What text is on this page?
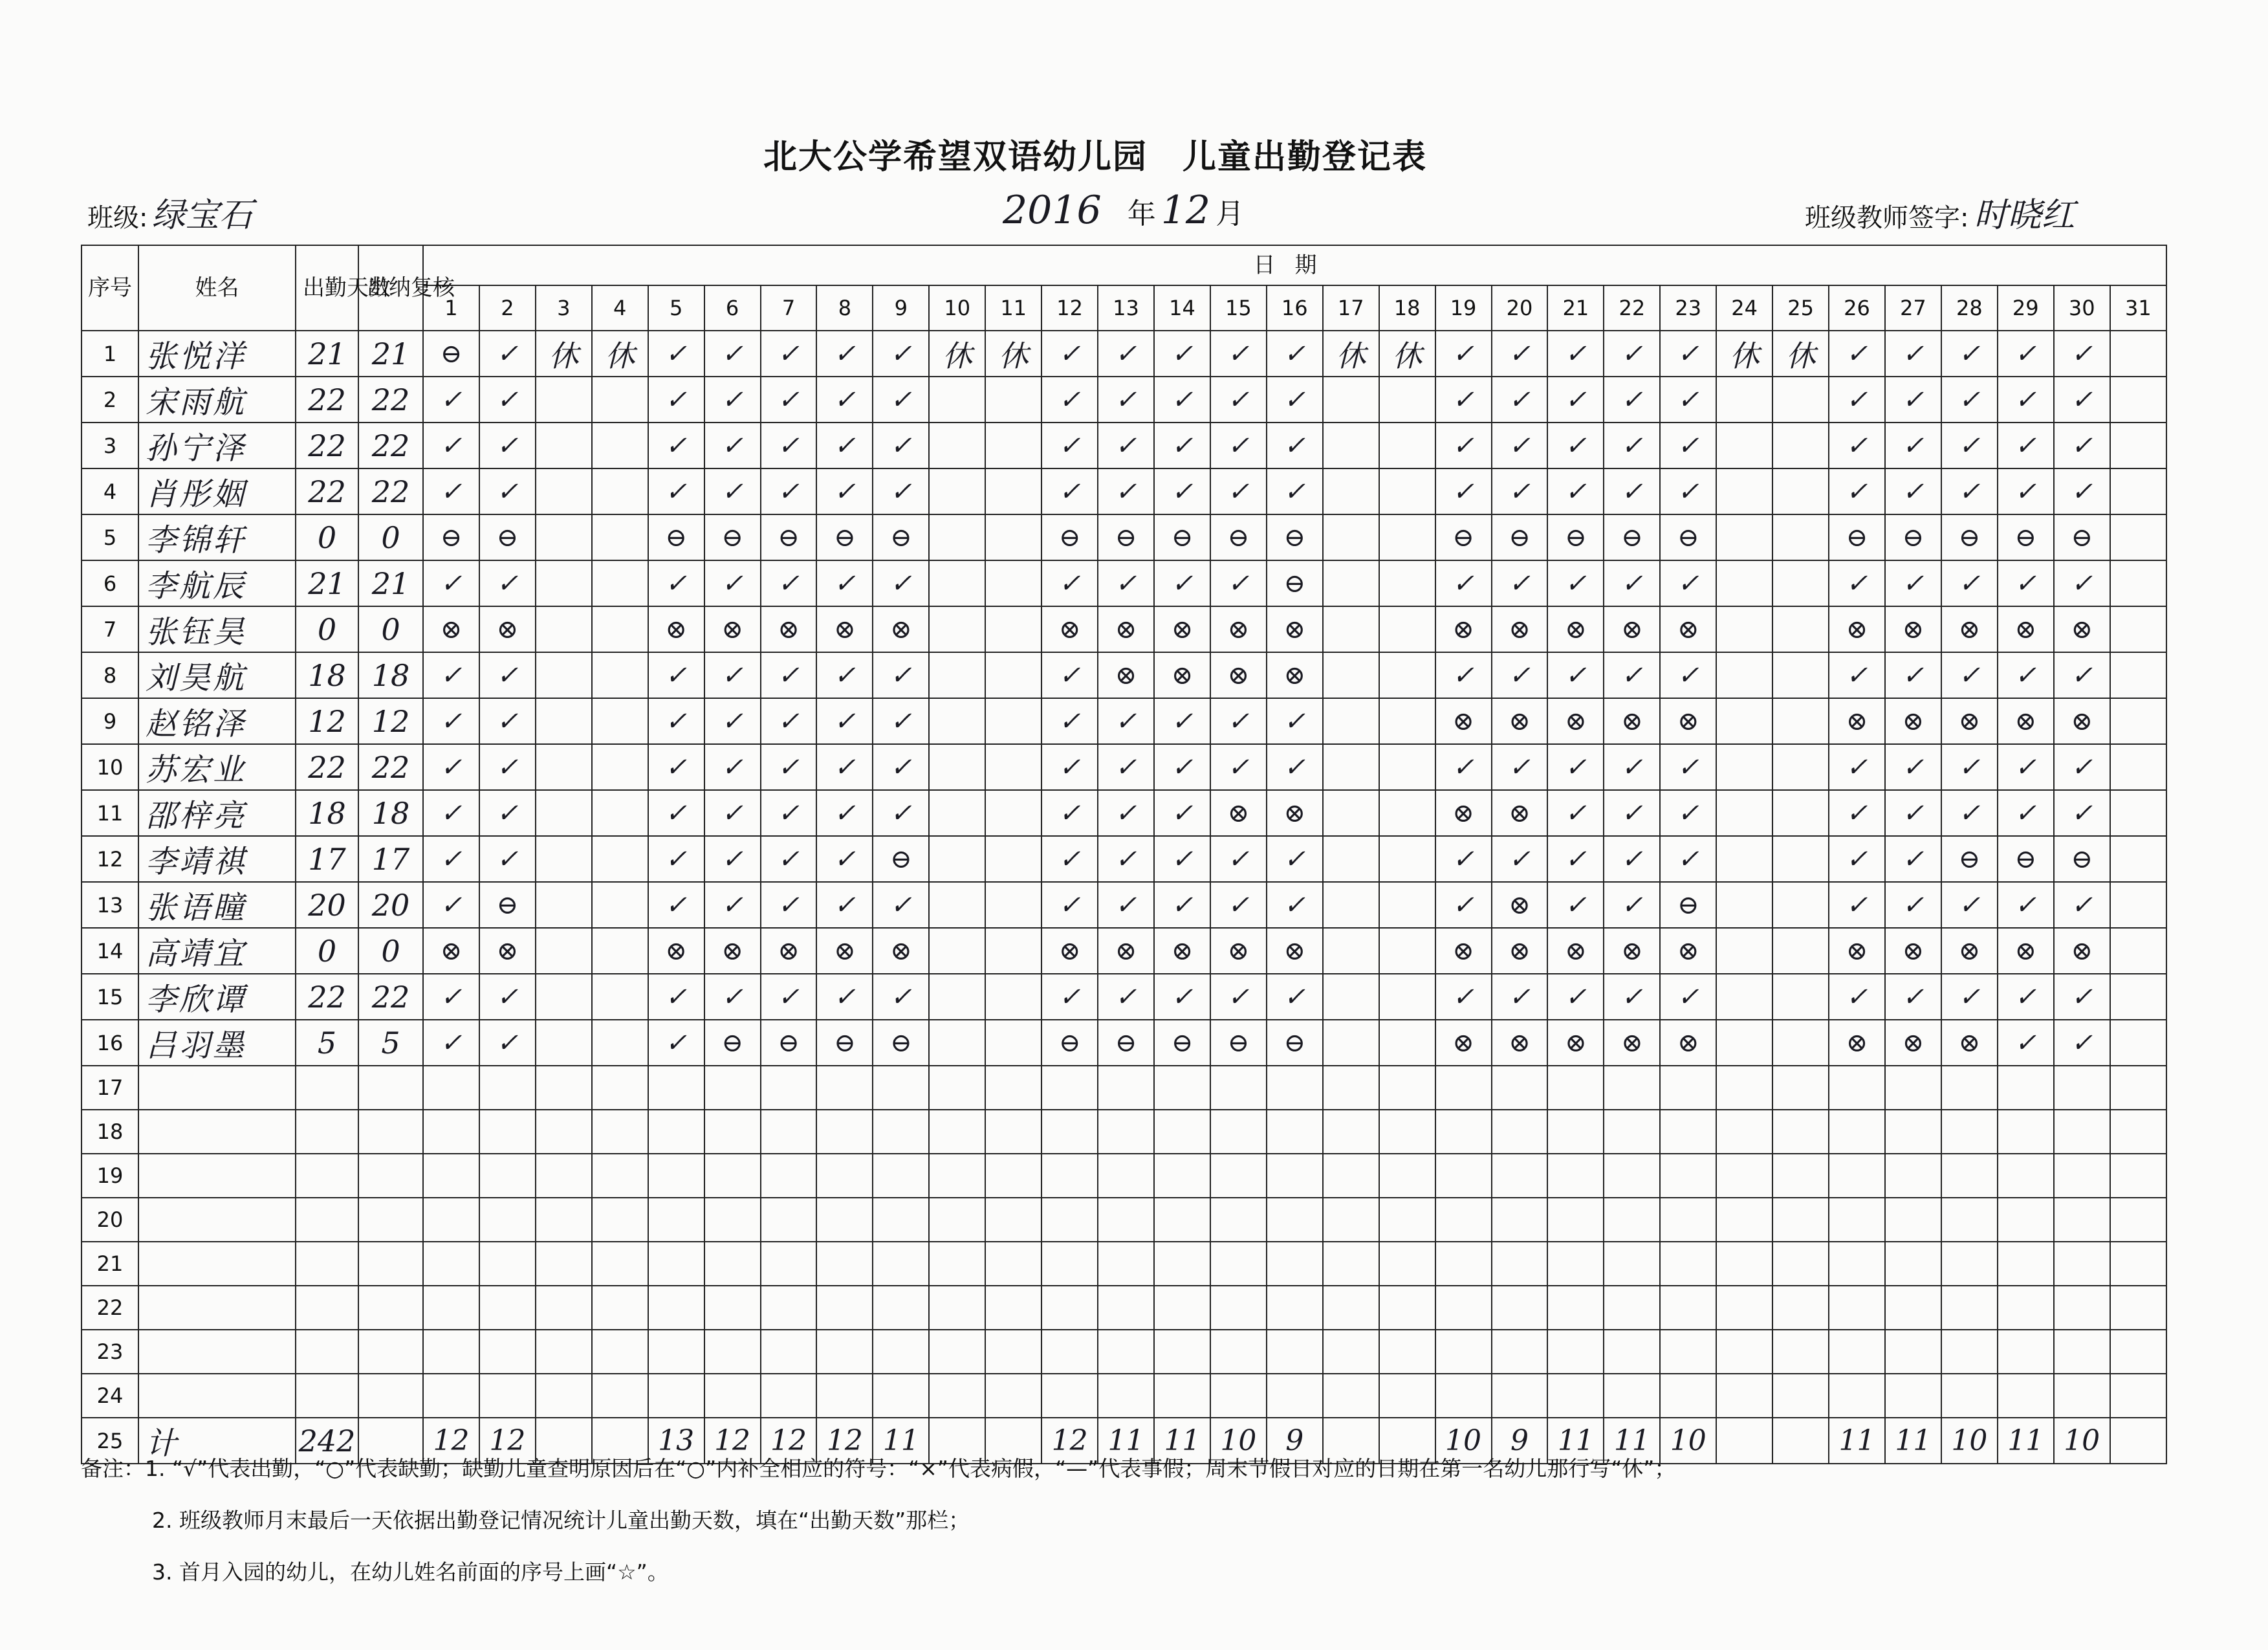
北大公学希望双语幼儿园　儿童出勤登记表
班级: 绿宝石	2016 年 12 月	班级教师签字: 时晓红
序号	姓名	出勤天数	出纳复核	日期																														
				1	2	3	4	5	6	7	8	9	10	11	12	13	14	15	16	17	18	19	20	21	22	23	24	25	26	27	28	29	30	31
1	张悦洋	21	21	⊖	✓	休	休	✓	✓	✓	✓	✓	休	休	✓	✓	✓	✓	✓	休	休	✓	✓	✓	✓	✓	休	休	✓	✓	✓	✓	✓	
2	宋雨航	22	22	✓	✓			✓	✓	✓	✓	✓			✓	✓	✓	✓	✓			✓	✓	✓	✓	✓			✓	✓	✓	✓	✓	
3	孙宁泽	22	22	✓	✓			✓	✓	✓	✓	✓			✓	✓	✓	✓	✓			✓	✓	✓	✓	✓			✓	✓	✓	✓	✓	
4	肖彤姻	22	22	✓	✓			✓	✓	✓	✓	✓			✓	✓	✓	✓	✓			✓	✓	✓	✓	✓			✓	✓	✓	✓	✓	
5	李锦轩	0	0	⊖	⊖			⊖	⊖	⊖	⊖	⊖			⊖	⊖	⊖	⊖	⊖			⊖	⊖	⊖	⊖	⊖			⊖	⊖	⊖	⊖	⊖	
6	李航辰	21	21	✓	✓			✓	✓	✓	✓	✓			✓	✓	✓	✓	⊖			✓	✓	✓	✓	✓			✓	✓	✓	✓	✓	
7	张钰昊	0	0	⊗	⊗			⊗	⊗	⊗	⊗	⊗			⊗	⊗	⊗	⊗	⊗			⊗	⊗	⊗	⊗	⊗			⊗	⊗	⊗	⊗	⊗	
8	刘昊航	18	18	✓	✓			✓	✓	✓	✓	✓			✓	⊗	⊗	⊗	⊗			✓	✓	✓	✓	✓			✓	✓	✓	✓	✓	
9	赵铭泽	12	12	✓	✓			✓	✓	✓	✓	✓			✓	✓	✓	✓	✓			⊗	⊗	⊗	⊗	⊗			⊗	⊗	⊗	⊗	⊗	
10	苏宏业	22	22	✓	✓			✓	✓	✓	✓	✓			✓	✓	✓	✓	✓			✓	✓	✓	✓	✓			✓	✓	✓	✓	✓	
11	邵梓亮	18	18	✓	✓			✓	✓	✓	✓	✓			✓	✓	✓	⊗	⊗			⊗	⊗	✓	✓	✓			✓	✓	✓	✓	✓	
12	李靖祺	17	17	✓	✓			✓	✓	✓	✓	⊖			✓	✓	✓	✓	✓			✓	✓	✓	✓	✓			✓	✓	⊖	⊖	⊖	
13	张语瞳	20	20	✓	⊖			✓	✓	✓	✓	✓			✓	✓	✓	✓	✓			✓	⊗	✓	✓	⊖			✓	✓	✓	✓	✓	
14	高靖宜	0	0	⊗	⊗			⊗	⊗	⊗	⊗	⊗			⊗	⊗	⊗	⊗	⊗			⊗	⊗	⊗	⊗	⊗			⊗	⊗	⊗	⊗	⊗	
15	李欣谭	22	22	✓	✓			✓	✓	✓	✓	✓			✓	✓	✓	✓	✓			✓	✓	✓	✓	✓			✓	✓	✓	✓	✓	
16	吕羽墨	5	5	✓	✓			✓	⊖	⊖	⊖	⊖			⊖	⊖	⊖	⊖	⊖			⊗	⊗	⊗	⊗	⊗			⊗	⊗	⊗	✓	✓	
17																																		
18																																		
19																																		
20																																		
21																																		
22																																		
23																																		
24																																		
25	计	242		12	12			13	12	12	12	11			12	11	11	10	9			10	9	11	11	10			11	11	10	11	10	
备注：1. “√”代表出勤，“○”代表缺勤；缺勤儿童查明原因后在“○”内补全相应的符号：“×”代表病假，“—”代表事假；周末节假日对应的日期在第一名幼儿那行写“休”；
2. 班级教师月末最后一天依据出勤登记情况统计儿童出勤天数，填在“出勤天数”那栏；
3. 首月入园的幼儿，在幼儿姓名前面的序号上画“☆”。
